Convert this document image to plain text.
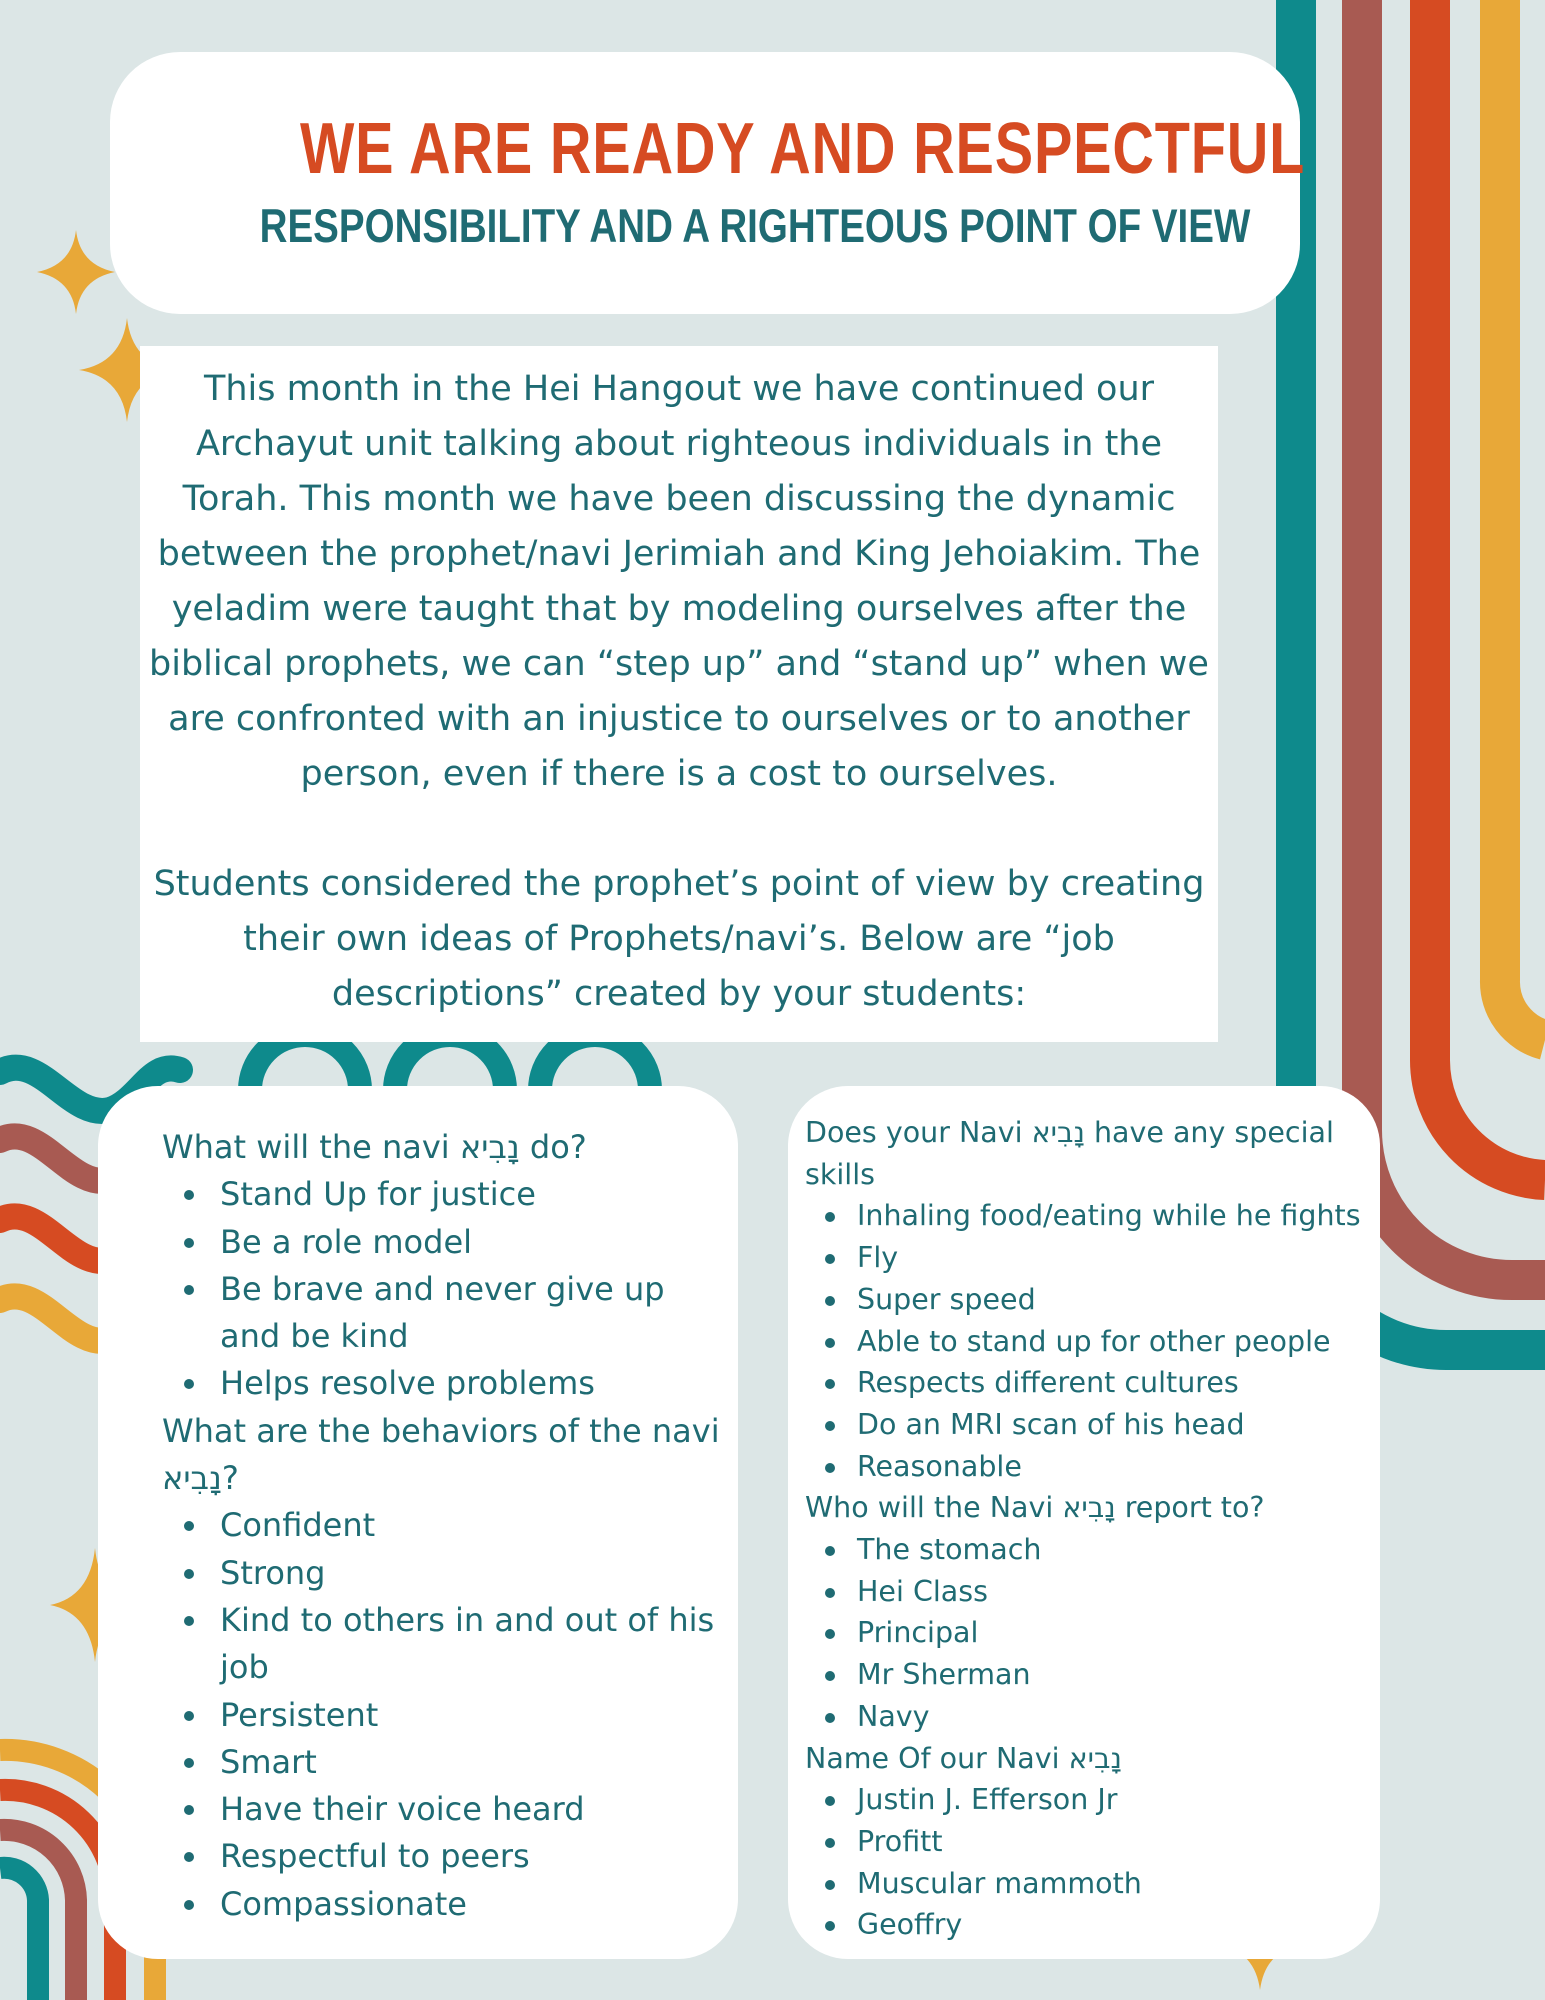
WE ARE READY AND RESPECTFUL
RESPONSIBILITY AND A RIGHTEOUS POINT OF VIEW

This month in the Hei Hangout we have continued our Archayut unit talking about righteous individuals in the Torah. This month we have been discussing the dynamic between the prophet/navi Jerimiah and King Jehoiakim. The yeladim were taught that by modeling ourselves after the biblical prophets, we can “step up” and “stand up” when we are confronted with an injustice to ourselves or to another person, even if there is a cost to ourselves.

Students considered the prophet’s point of view by creating their own ideas of Prophets/navi’s. Below are “job descriptions” created by your students:

What will the navi נָבִיא do?

Stand Up for justice
Be a role model
Be brave and never give up and be kind
Helps resolve problems

What are the behaviors of the navi נָבִיא?

Confident
Strong
Kind to others in and out of his job
Persistent
Smart
Have their voice heard
Respectful to peers
Compassionate

Does your Navi נָבִיא have any special skills

Inhaling food/eating while he fights
Fly
Super speed
Able to stand up for other people
Respects different cultures
Do an MRI scan of his head
Reasonable

Who will the Navi נָבִיא report to?

The stomach
Hei Class
Principal
Mr Sherman
Navy

Name Of our Navi נָבִיא

Justin J. Efferson Jr
Profitt
Muscular mammoth
Geoffry
